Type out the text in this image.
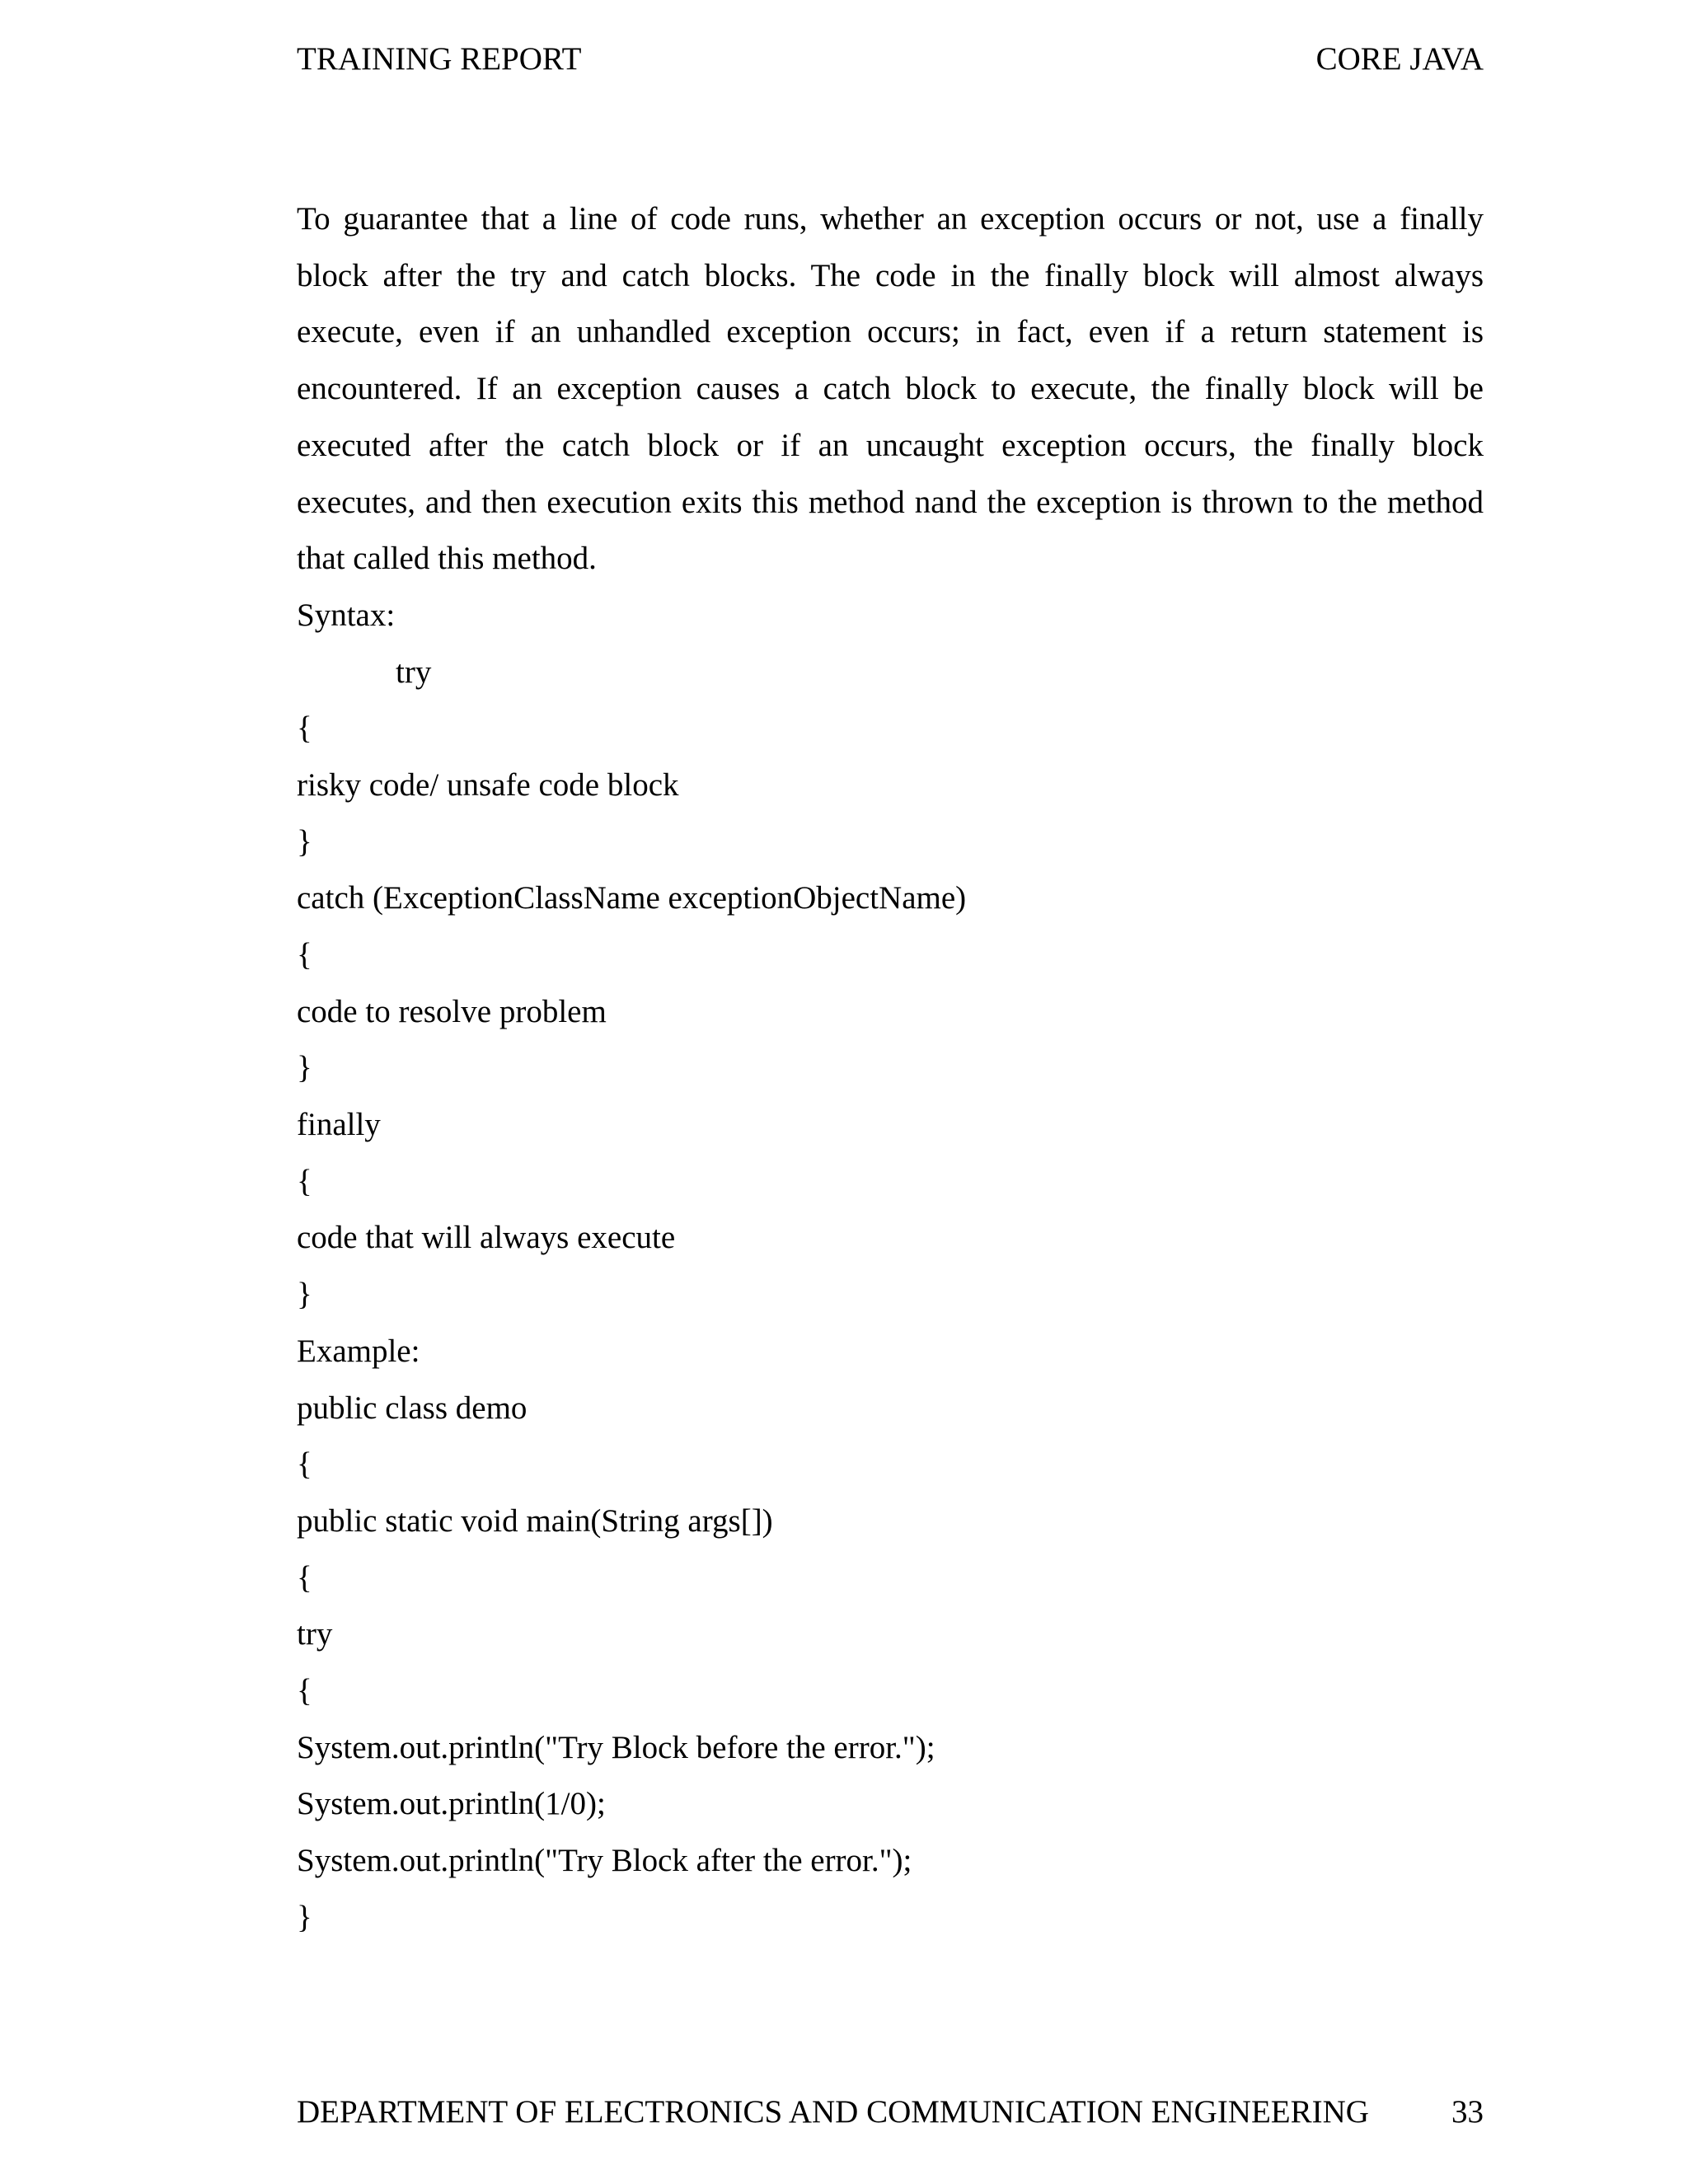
TRAINING REPORT	CORE JAVA

To guarantee that a line of code runs, whether an exception occurs or not, use a finally block after the try and catch blocks. The code in the finally block will almost always execute, even if an unhandled exception occurs; in fact, even if a return statement is encountered. If an exception causes a catch block to execute, the finally block will be executed after the catch block or if an uncaught exception occurs, the finally block executes, and then execution exits this method nand the exception is thrown to the method that called this method.

Syntax:
try
{
risky code/ unsafe code block
}
catch (ExceptionClassName exceptionObjectName)
{
code to resolve problem
}
finally
{
code that will always execute
}
Example:
public class demo
{
public static void main(String args[])
{
try
{
System.out.println("Try Block before the error.");
System.out.println(1/0);
System.out.println("Try Block after the error.");
}
DEPARTMENT OF ELECTRONICS AND COMMUNICATION ENGINEERING	33
